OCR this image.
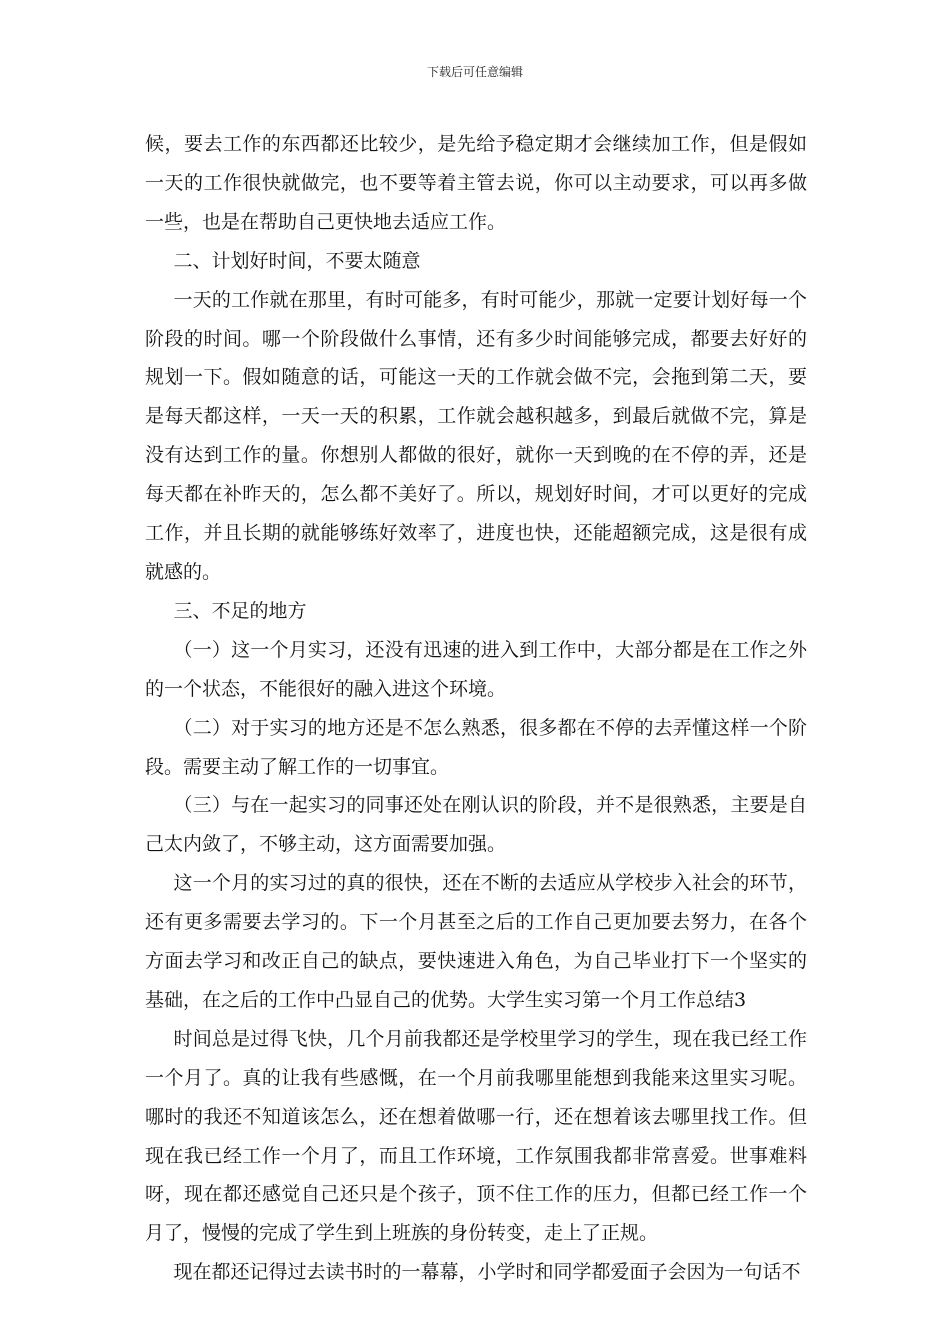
下载后可任意编辑

候，要去工作的东西都还比较少，是先给予稳定期才会继续加工作，但是假如一天的工作很快就做完，也不要等着主管去说，你可以主动要求，可以再多做一些，也是在帮助自己更快地去适应工作。

二、计划好时间，不要太随意

一天的工作就在那里，有时可能多，有时可能少，那就一定要计划好每一个阶段的时间。哪一个阶段做什么事情，还有多少时间能够完成，都要去好好的规划一下。假如随意的话，可能这一天的工作就会做不完，会拖到第二天，要是每天都这样，一天一天的积累，工作就会越积越多，到最后就做不完，算是没有达到工作的量。你想别人都做的很好，就你一天到晚的在不停的弄，还是每天都在补昨天的，怎么都不美好了。所以，规划好时间，才可以更好的完成工作，并且长期的就能够练好效率了，进度也快，还能超额完成，这是很有成就感的。

三、不足的地方

（一）这一个月实习，还没有迅速的进入到工作中，大部分都是在工作之外的一个状态，不能很好的融入进这个环境。

（二）对于实习的地方还是不怎么熟悉，很多都在不停的去弄懂这样一个阶段。需要主动了解工作的一切事宜。

（三）与在一起实习的同事还处在刚认识的阶段，并不是很熟悉，主要是自己太内敛了，不够主动，这方面需要加强。

这一个月的实习过的真的很快，还在不断的去适应从学校步入社会的环节，还有更多需要去学习的。下一个月甚至之后的工作自己更加要去努力，在各个方面去学习和改正自己的缺点，要快速进入角色，为自己毕业打下一个坚实的基础，在之后的工作中凸显自己的优势。大学生实习第一个月工作总结3

时间总是过得飞快，几个月前我都还是学校里学习的学生，现在我已经工作一个月了。真的让我有些感慨，在一个月前我哪里能想到我能来这里实习呢。哪时的我还不知道该怎么，还在想着做哪一行，还在想着该去哪里找工作。但现在我已经工作一个月了，而且工作环境，工作氛围我都非常喜爱。世事难料呀，现在都还感觉自己还只是个孩子，顶不住工作的压力，但都已经工作一个月了，慢慢的完成了学生到上班族的身份转变，走上了正规。

现在都还记得过去读书时的一幕幕，小学时和同学都爱面子会因为一句话不
